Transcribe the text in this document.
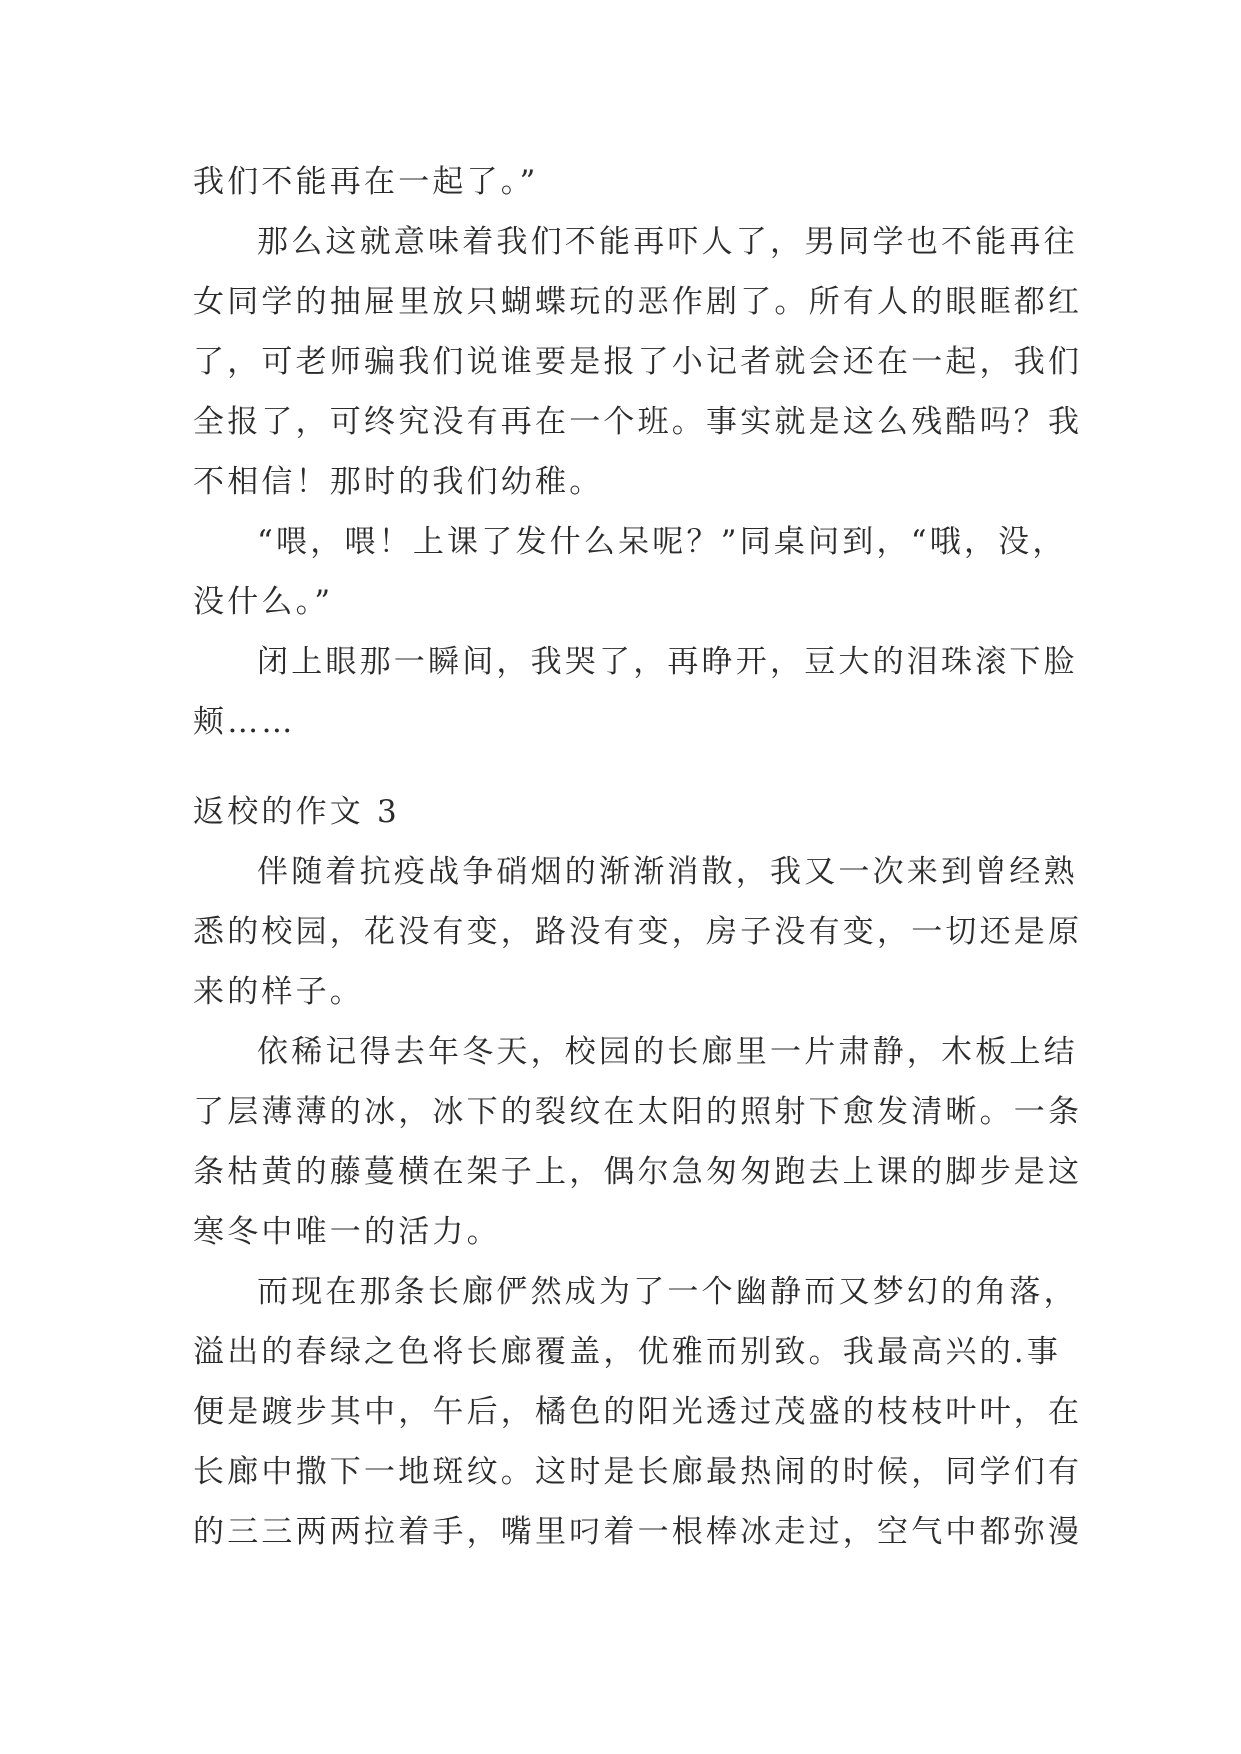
我们不能再在一起了。”
那么这就意味着我们不能再吓人了，男同学也不能再往
女同学的抽屉里放只蝴蝶玩的恶作剧了。所有人的眼眶都红
了，可老师骗我们说谁要是报了小记者就会还在一起，我们
全报了，可终究没有再在一个班。事实就是这么残酷吗？我
不相信！那时的我们幼稚。
“喂，喂！上课了发什么呆呢？”同桌问到，“哦，没，
没什么。”
闭上眼那一瞬间，我哭了，再睁开，豆大的泪珠滚下脸
颊……
返校的作文 3
伴随着抗疫战争硝烟的渐渐消散，我又一次来到曾经熟
悉的校园，花没有变，路没有变，房子没有变，一切还是原
来的样子。
依稀记得去年冬天，校园的长廊里一片肃静，木板上结
了层薄薄的冰，冰下的裂纹在太阳的照射下愈发清晰。一条
条枯黄的藤蔓横在架子上，偶尔急匆匆跑去上课的脚步是这
寒冬中唯一的活力。
而现在那条长廊俨然成为了一个幽静而又梦幻的角落，
溢出的春绿之色将长廊覆盖，优雅而别致。我最高兴的.事
便是踱步其中，午后，橘色的阳光透过茂盛的枝枝叶叶，在
长廊中撒下一地斑纹。这时是长廊最热闹的时候，同学们有
的三三两两拉着手，嘴里叼着一根棒冰走过，空气中都弥漫
